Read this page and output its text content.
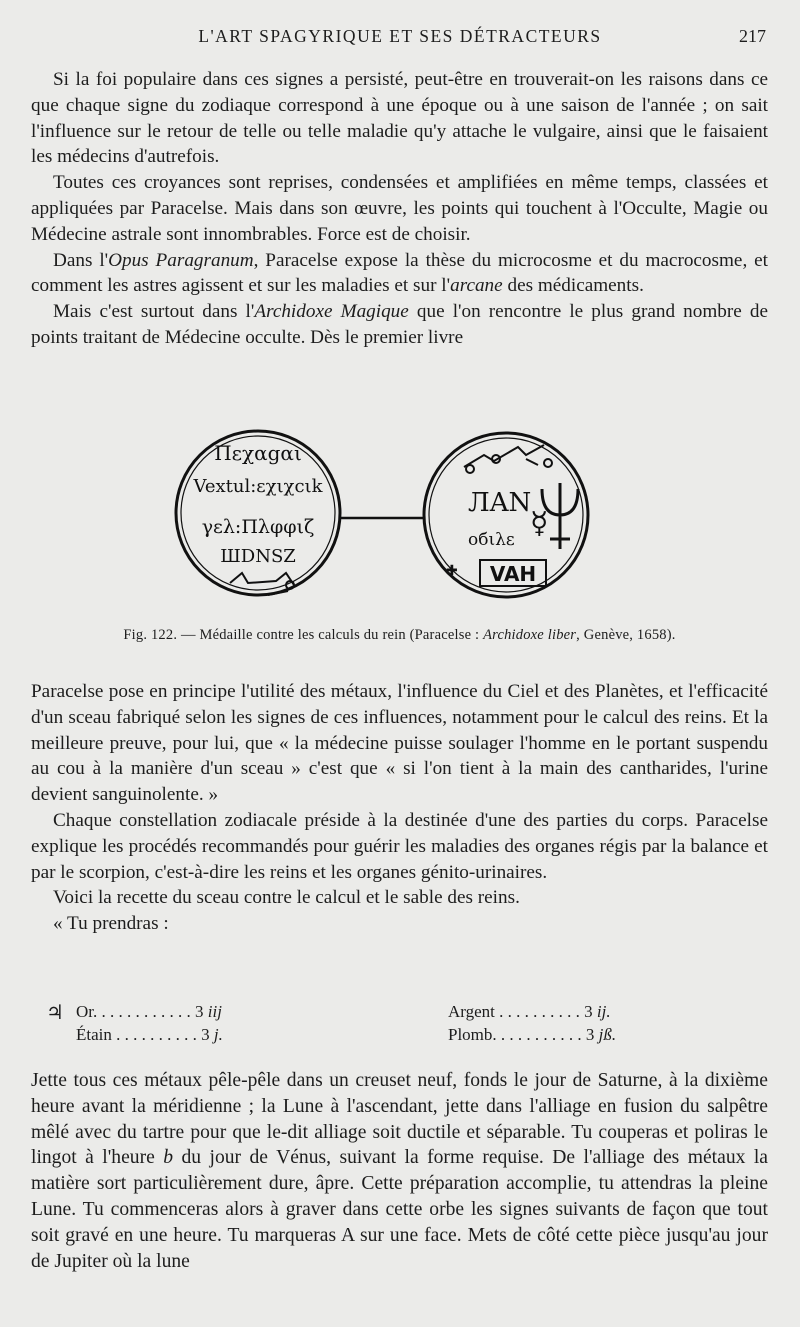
L'ART SPAGYRIQUE ET SES DÉTRACTEURS	217

Si la foi populaire dans ces signes a persisté, peut-être en trouverait-on les raisons dans ce que chaque signe du zodiaque correspond à une époque ou à une saison de l'année ; on sait l'influence sur le retour de telle ou telle maladie qu'y attache le vulgaire, ainsi que le faisaient les médecins d'autrefois.

Toutes ces croyances sont reprises, condensées et amplifiées en même temps, classées et appliquées par Paracelse. Mais dans son œuvre, les points qui touchent à l'Occulte, Magie ou Médecine astrale sont innombrables. Force est de choisir.

Dans l'Opus Paragranum, Paracelse expose la thèse du microcosme et du macrocosme, et comment les astres agissent et sur les maladies et sur l'arcane des médicaments.

Mais c'est surtout dans l'Archidoxe Magique que l'on rencontre le plus grand nombre de points traitant de Médecine occulte. Dès le premier livre

Πεχαgαι
Vextul:εχιχcιk
γελ:Πλφφιζ
ШDNSZ
ЛAN
οбιλε ☿
✚ VAH
Fig. 122. — Médaille contre les calculs du rein (Paracelse : Archidoxe liber, Genève, 1658).

Paracelse pose en principe l'utilité des métaux, l'influence du Ciel et des Planètes, et l'efficacité d'un sceau fabriqué selon les signes de ces influences, notamment pour le calcul des reins. Et la meilleure preuve, pour lui, que « la médecine puisse soulager l'homme en le portant suspendu au cou à la manière d'un sceau » c'est que « si l'on tient à la main des cantharides, l'urine devient sanguinolente. »

Chaque constellation zodiacale préside à la destinée d'une des parties du corps. Paracelse explique les procédés recommandés pour guérir les maladies des organes régis par la balance et par le scorpion, c'est-à-dire les reins et les organes génito-urinaires.

Voici la recette du sceau contre le calcul et le sable des reins.

« Tu prendras :

♃ Or. . . . . . . . . . . . 3 iij	Argent . . . . . . . . . . 3 ij.
Étain . . . . . . . . . . 3 j.	Plomb. . . . . . . . . . . 3 jß.

Jette tous ces métaux pêle-pêle dans un creuset neuf, fonds le jour de Saturne, à la dixième heure avant la méridienne ; la Lune à l'ascendant, jette dans l'alliage en fusion du salpêtre mêlé avec du tartre pour que le-dit alliage soit ductile et séparable. Tu couperas et poliras le lingot à l'heure b du jour de Vénus, suivant la forme requise. De l'alliage des métaux la matière sort particulièrement dure, âpre. Cette préparation accomplie, tu attendras la pleine Lune. Tu commenceras alors à graver dans cette orbe les signes suivants de façon que tout soit gravé en une heure. Tu marqueras A sur une face. Mets de côté cette pièce jusqu'au jour de Jupiter où la lune
